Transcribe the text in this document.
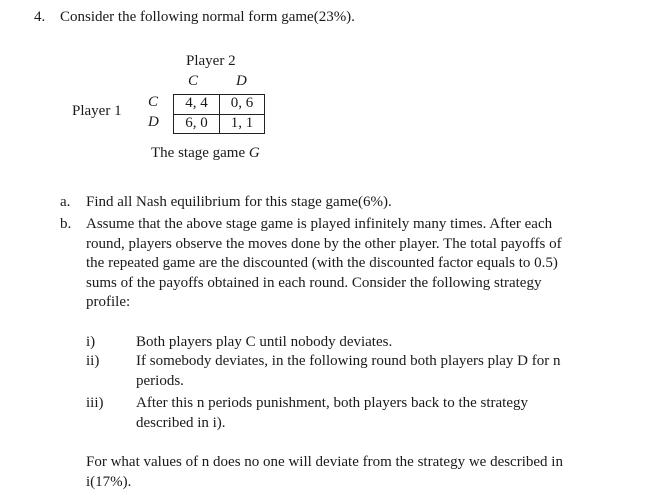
4. Consider the following normal form game(23%).
Player 2
C	D
Player 1
C
D
4, 4	0, 6
6, 0	1, 1
The stage game G
a. Find all Nash equilibrium for this stage game(6%).
b. Assume that the above stage game is played infinitely many times. After each
round, players observe the moves done by the other player. The total payoffs of
the repeated game are the discounted (with the discounted factor equals to 0.5)
sums of the payoffs obtained in each round. Consider the following strategy
profile:
i)	Both players play C until nobody deviates.
ii) If somebody deviates, in the following round both players play D for n
periods.
iii) After this n periods punishment, both players back to the strategy
described in i).
For what values of n does no one will deviate from the strategy we described in
i(17%).
